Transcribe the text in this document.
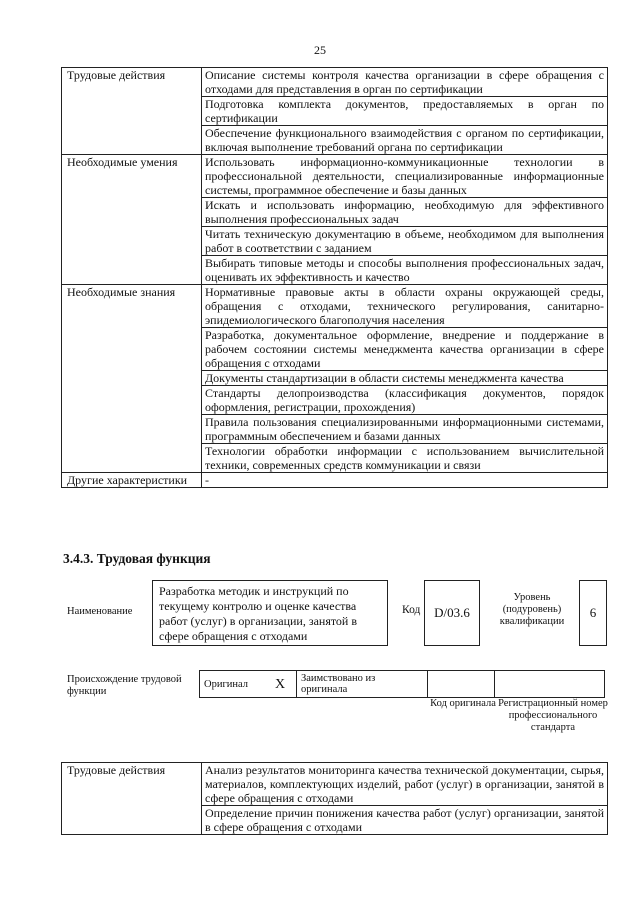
25
Трудовые действия	Описание системы контроля качества организации в сфере обращения с отходами для представления в орган по сертификации
	Подготовка комплекта документов, предоставляемых в орган по сертификации
	Обеспечение функционального взаимодействия с органом по сертификации, включая выполнение требований органа по сертификации
Необходимые умения	Использовать информационно-коммуникационные технологии в профессиональной деятельности, специализированные информационные системы, программное обеспечение и базы данных
	Искать и использовать информацию, необходимую для эффективного выполнения профессиональных задач
	Читать техническую документацию в объеме, необходимом для выполнения работ в соответствии с заданием
	Выбирать типовые методы и способы выполнения профессиональных задач, оценивать их эффективность и качество
Необходимые знания	Нормативные правовые акты в области охраны окружающей среды, обращения с отходами, технического регулирования, санитарно-эпидемиологического благополучия населения
	Разработка, документальное оформление, внедрение и поддержание в рабочем состоянии системы менеджмента качества организации в сфере обращения с отходами
	Документы стандартизации в области системы менеджмента качества
	Стандарты делопроизводства (классификация документов, порядок оформления, регистрации, прохождения)
	Правила пользования специализированными информационными системами, программным обеспечением и базами данных
	Технологии обработки информации с использованием вычислительной техники, современных средств коммуникации и связи
Другие характеристики	-
3.4.3. Трудовая функция
Наименование
Разработка методик и инструкций по текущему контролю и оценке качества работ (услуг) в организации, занятой в сфере обращения с отходами
Код	D/03.6
Уровень (подуровень) квалификации
6
Происхождение трудовой функции
Оригинал	X	Заимствовано из оригинала		
Код оригинала Регистрационный номер профессионального стандарта
Трудовые действия	Анализ результатов мониторинга качества технической документации, сырья, материалов, комплектующих изделий, работ (услуг) в организации, занятой в сфере обращения с отходами
Определение причин понижения качества работ (услуг) организации, занятой в сфере обращения с отходами
